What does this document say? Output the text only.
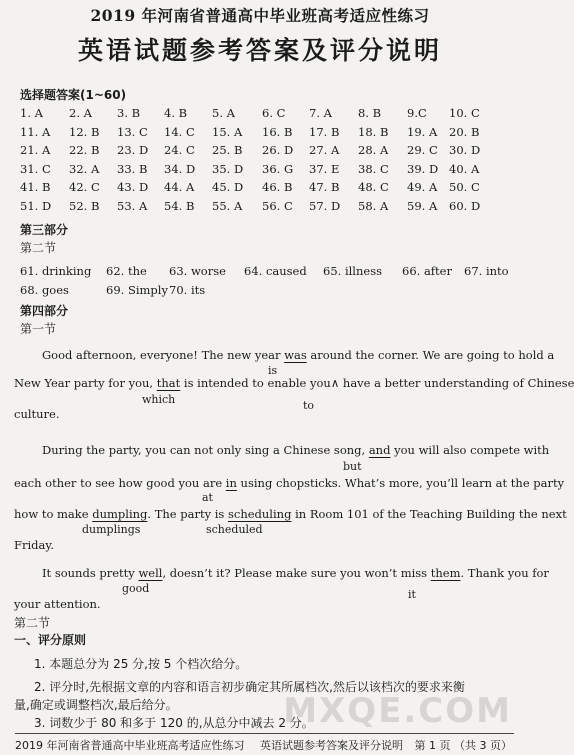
2019 年河南省普通高中毕业班高考适应性练习
英语试题参考答案及评分说明
选择题答案(1~60)
1. A 2. A 3. B 4. B 5. A 6. C 7. A 8. B 9.C 10. C
11. A 12. B 13. C 14. C 15. A 16. B 17. B 18. B 19. A 20. B
21. A 22. B 23. D 24. C 25. B 26. D 27. A 28. A 29. C 30. D
31. C 32. A 33. B 34. D 35. D 36. G 37. E 38. C 39. D 40. A
41. B 42. C 43. D 44. A 45. D 46. B 47. B 48. C 49. A 50. C
51. D 52. B 53. A 54. B 55. A 56. C 57. D 58. A 59. A 60. D
第三部分
第二节
61. drinking 62. the 63. worse 64. caused 65. illness 66. after 67. into
68. goes	69. Simply 70. its
第四部分
第一节
Good afternoon, everyone! The new year was around the corner. We are going to hold a
is
New Year party for you, that is intended to enable you∧ have a better understanding of Chinese
which	to
culture.
During the party, you can not only sing a Chinese song, and you will also compete with
but
each other to see how good you are in using chopsticks. What’s more, you’ll learn at the party
at
how to make dumpling. The party is scheduling in Room 101 of the Teaching Building the next
dumplings	scheduled
Friday.
It sounds pretty well, doesn’t it? Please make sure you won’t miss them. Thank you for
good	it
your attention.
第二节
一、评分原则
1. 本题总分为 25 分,按 5 个档次给分。
2. 评分时,先根据文章的内容和语言初步确定其所属档次,然后以该档次的要求来衡
量,确定或调整档次,最后给分。
3. 词数少于 80 和多于 120 的,从总分中减去 2 分。
2019 年河南省普通高中毕业班高考适应性练习 英语试题参考答案及评分说明 第 1 页 （共 3 页）
MXQE.COM
